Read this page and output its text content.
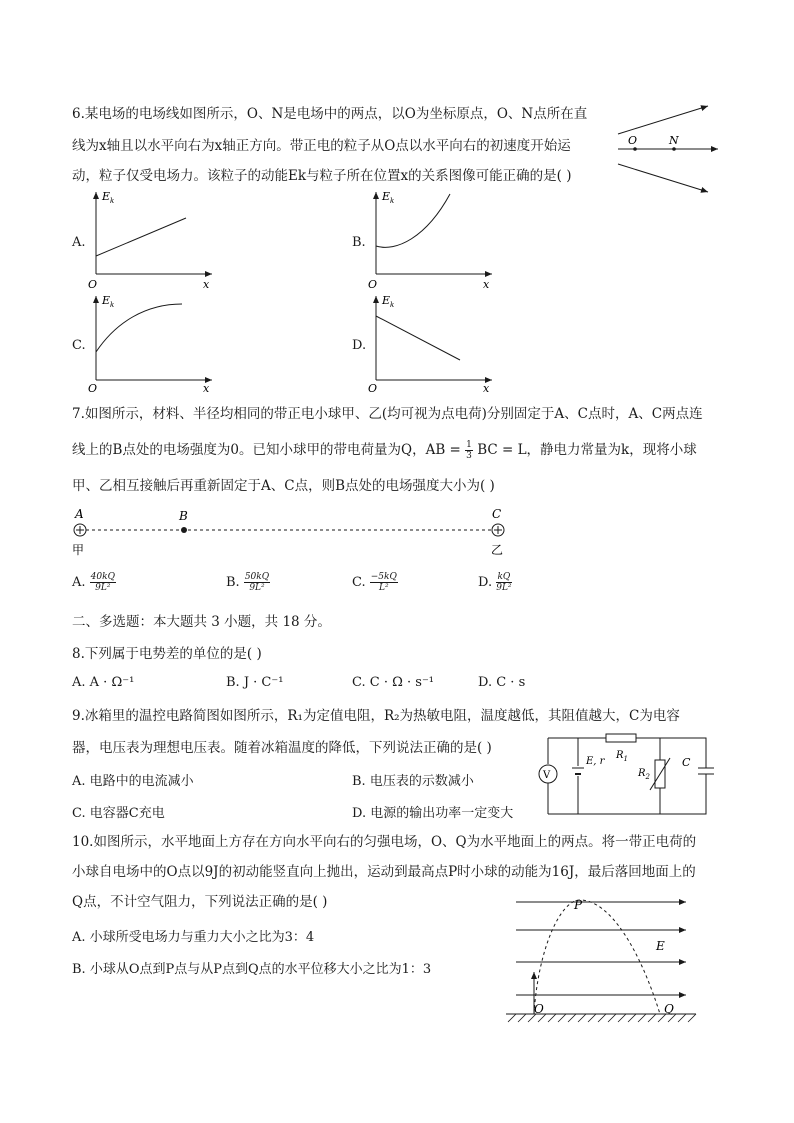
6.某电场的电场线如图所示，O、N是电场中的两点，以O为坐标原点，O、N点所在直
线为x轴且以水平向右为x轴正方向。带正电的粒子从O点以水平向右的初速度开始运
动，粒子仅受电场力。该粒子的动能Ek与粒子所在位置x的关系图像可能正确的是( )
O	N
A.
$E_k$
O	x
B.
$E_k$
O	x
C.
$E_k$
O	x
D.
$E_k$
O	x
7.如图所示，材料、半径均相同的带正电小球甲、乙(均可视为点电荷)分别固定于A、C点时，A、C两点连
线上的B点处的电场强度为0。已知小球甲的带电荷量为Q，AB = $\frac{1}{3}$ BC = L，静电力常量为k，现将小球
甲、乙相互接触后再重新固定于A、C点，则B点处的电场强度大小为( )
A	B	C
甲	乙
A. $\frac{40kQ}{\text{9L²}}$	B. $\frac{50kQ}{\text{9L²}}$	C. $\frac{-5kQ}{\text{L²}}$	D. $\frac{kQ}{\text{9L²}}$
二、多选题：本大题共 3 小题，共 18 分。
8.下列属于电势差的单位的是( )
A. A · Ω⁻¹	B. J · C⁻¹	C. C · Ω · s⁻¹	D. C · s
9.冰箱里的温控电路简图如图所示，R₁为定值电阻，R₂为热敏电阻，温度越低，其阻值越大，C为电容
器，电压表为理想电压表。随着冰箱温度的降低，下列说法正确的是( )
A. 电路中的电流减小	B. 电压表的示数减小
C. 电容器C充电	D. 电源的输出功率一定变大
V
E, r
$R_1$
$R_2$
C
10.如图所示，水平地面上方存在方向水平向右的匀强电场，O、Q为水平地面上的两点。将一带正电荷的
小球自电场中的O点以9J的初动能竖直向上抛出，运动到最高点P时小球的动能为16J，最后落回地面上的
Q点，不计空气阻力，下列说法正确的是( )
A. 小球所受电场力与重力大小之比为3：4
B. 小球从O点到P点与从P点到Q点的水平位移大小之比为1：3
P
E
O	Q
